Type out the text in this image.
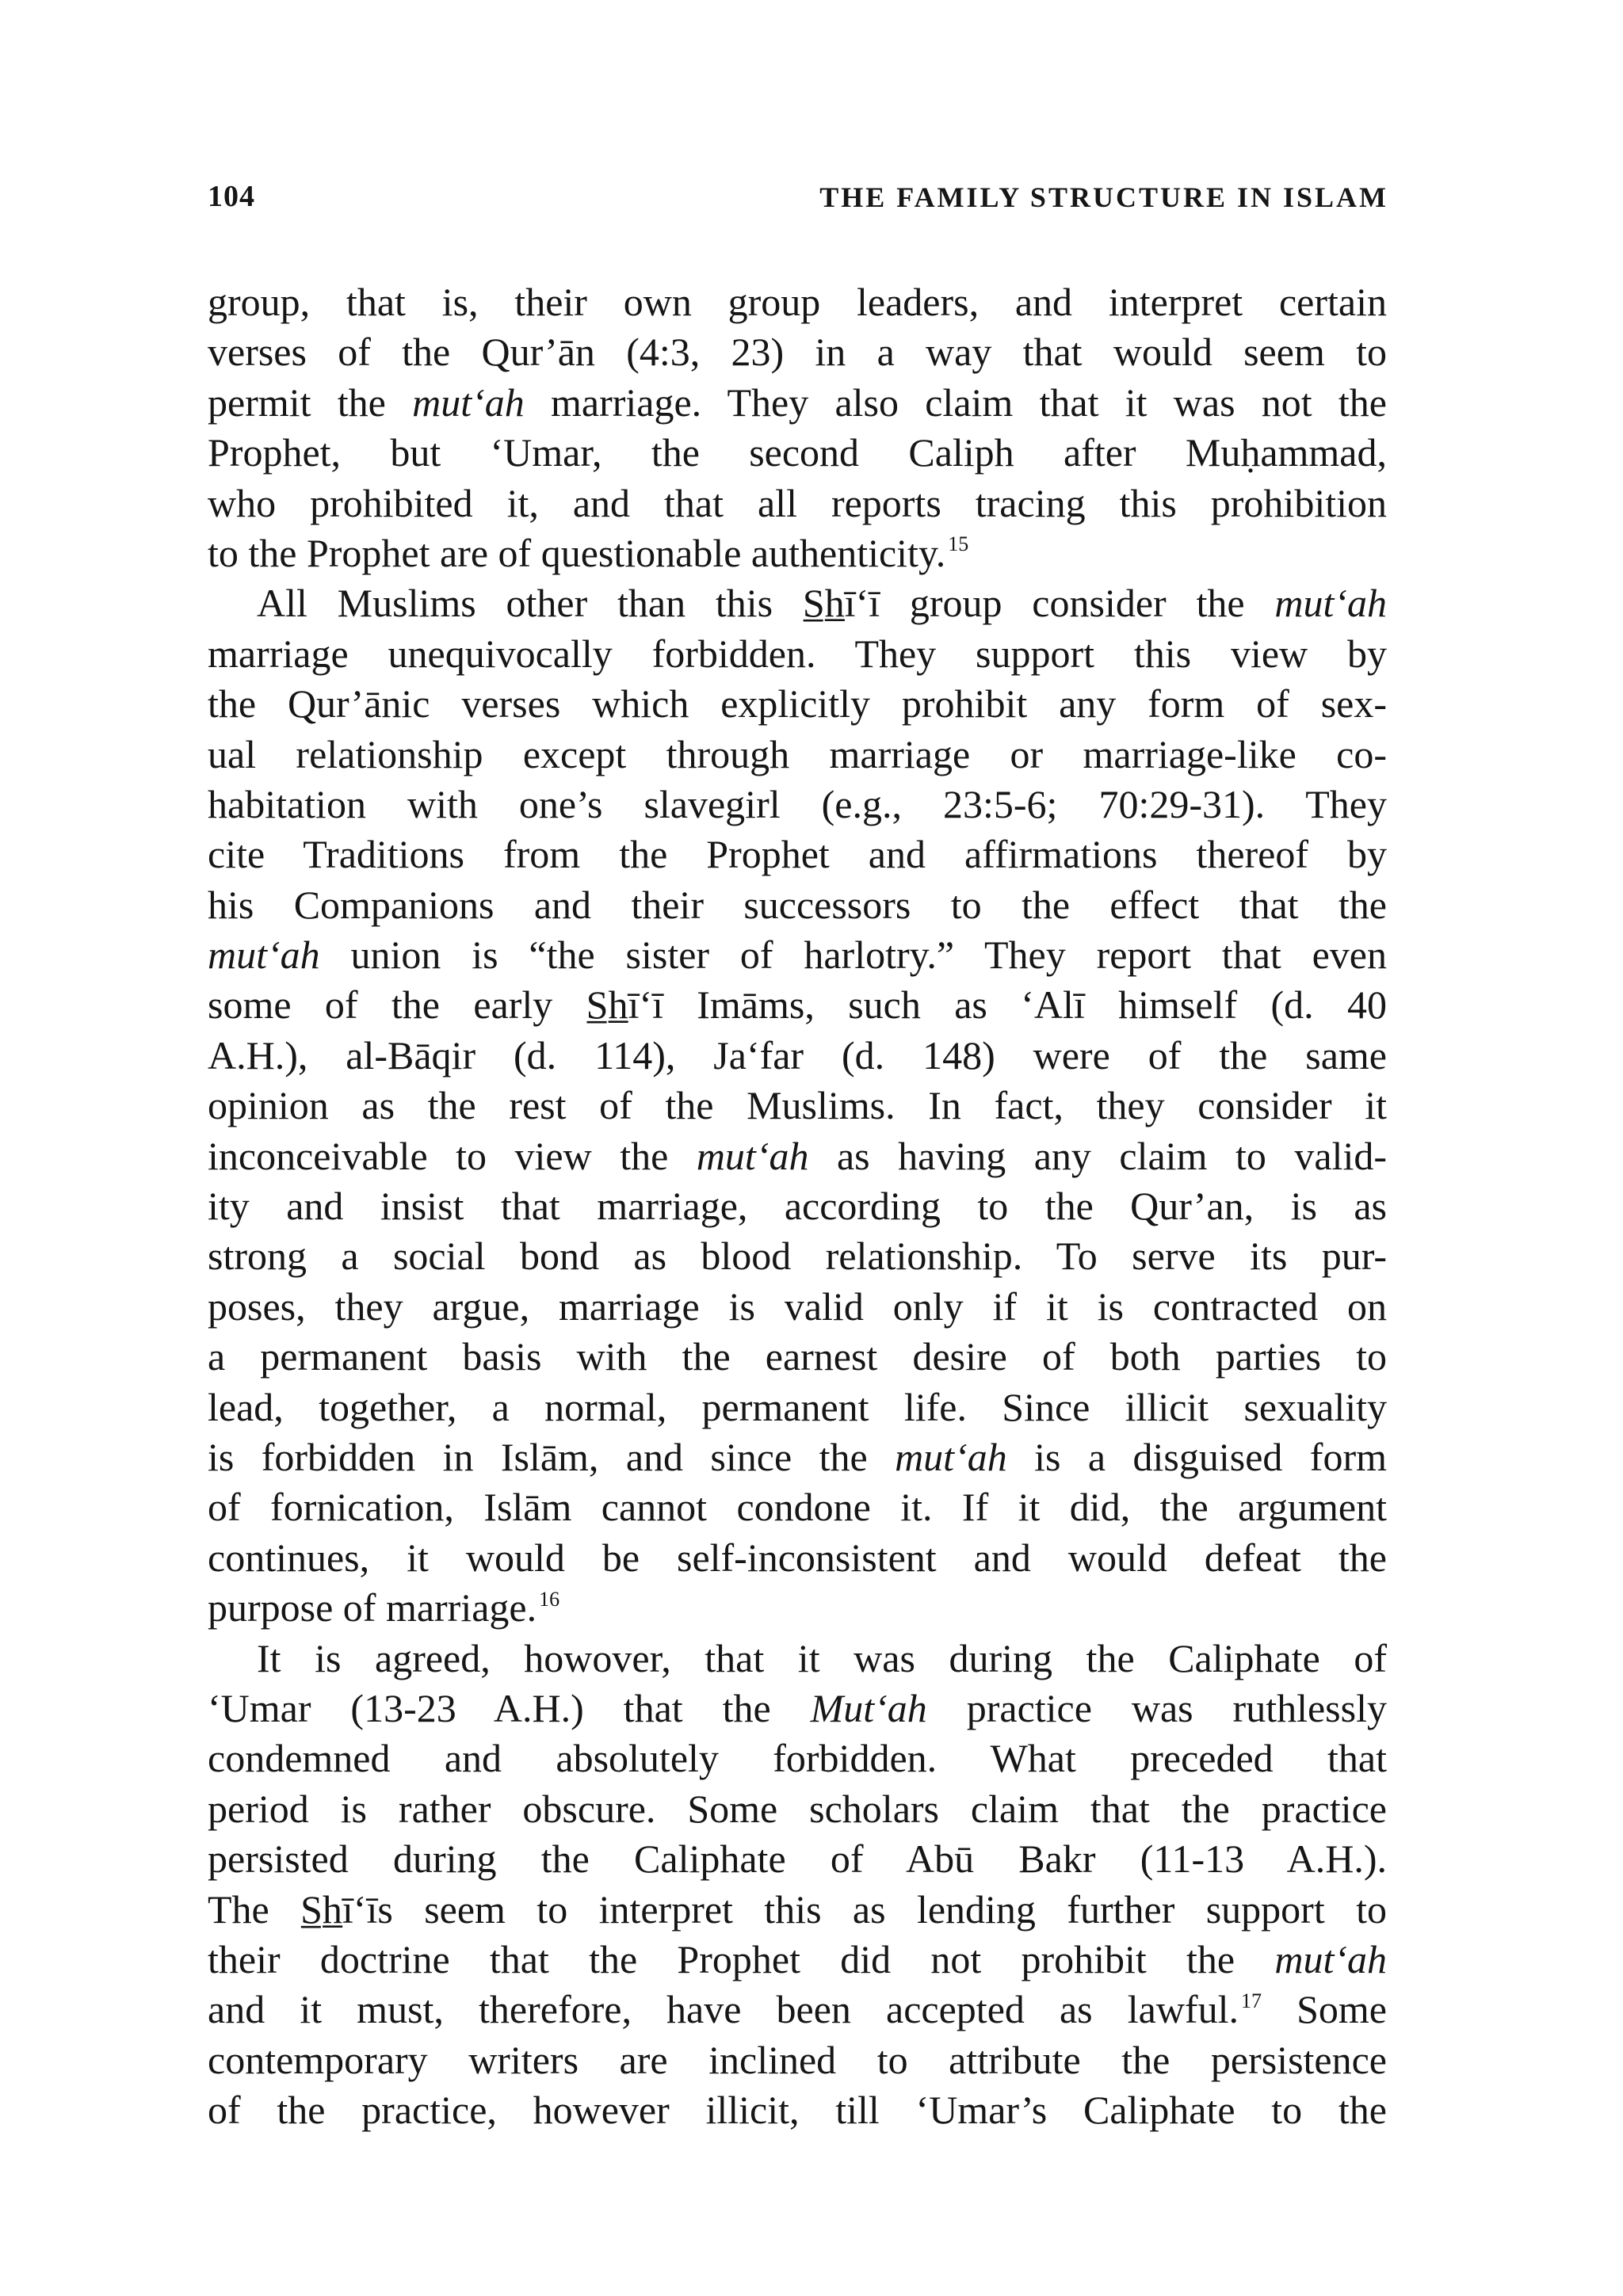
104	THE FAMILY STRUCTURE IN ISLAM
group, that is, their own group leaders, and interpret certain
verses of the Qur’ān (4:3, 23) in a way that would seem to
permit the mut‘ah marriage. They also claim that it was not the
Prophet, but ‘Umar, the second Caliph after Muḥammad,
who prohibited it, and that all reports tracing this prohibition
to the Prophet are of questionable authenticity. $^{15}$
All Muslims other than this S̲h̲ī‘ī group consider the mut‘ah
marriage unequivocally forbidden. They support this view by
the Qur’ānic verses which explicitly prohibit any form of sex-
ual relationship except through marriage or marriage-like co-
habitation with one’s slavegirl (e.g., 23:5-6; 70:29-31). They
cite Traditions from the Prophet and affirmations thereof by
his Companions and their successors to the effect that the
mut‘ah union is “the sister of harlotry.” They report that even
some of the early S̲h̲ī‘ī Imāms, such as ‘Alī himself (d. 40
A.H.), al-Bāqir (d. 114), Ja‘far (d. 148) were of the same
opinion as the rest of the Muslims. In fact, they consider it
inconceivable to view the mut‘ah as having any claim to valid-
ity and insist that marriage, according to the Qur’an, is as
strong a social bond as blood relationship. To serve its pur-
poses, they argue, marriage is valid only if it is contracted on
a permanent basis with the earnest desire of both parties to
lead, together, a normal, permanent life. Since illicit sexuality
is forbidden in Islām, and since the mut‘ah is a disguised form
of fornication, Islām cannot condone it. If it did, the argument
continues, it would be self-inconsistent and would defeat the
purpose of marriage. $^{16}$
It is agreed, howover, that it was during the Caliphate of
‘Umar (13-23 A.H.) that the Mut‘ah practice was ruthlessly
condemned and absolutely forbidden. What preceded that
period is rather obscure. Some scholars claim that the practice
persisted during the Caliphate of Abū Bakr (11-13 A.H.).
The S̲h̲ī‘īs seem to interpret this as lending further support to
their doctrine that the Prophet did not prohibit the mut‘ah
and it must, therefore, have been accepted as lawful. $^{17}$ Some
contemporary writers are inclined to attribute the persistence
of the practice, however illicit, till ‘Umar’s Caliphate to the
